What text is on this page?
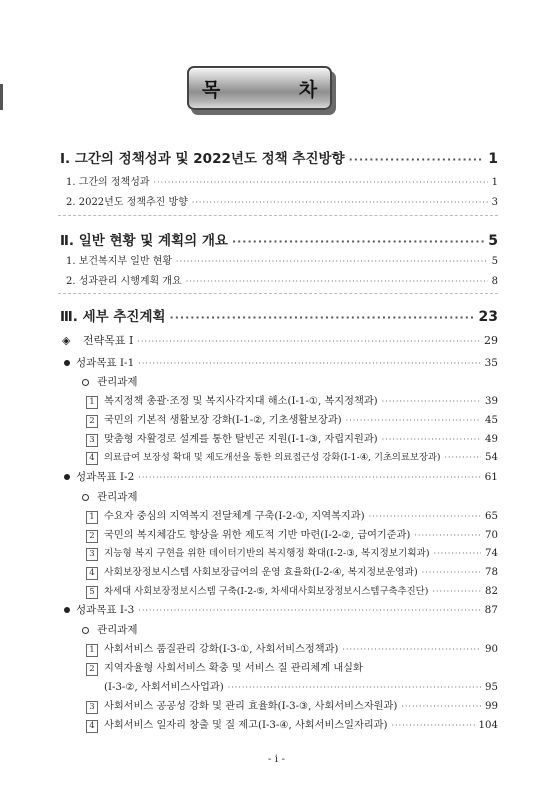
목 차
Ⅰ. 그간의 정책성과 및 2022년도 정책 추진방향 ·····	1
1. 그간의 정책성과 ·····	1
2. 2022년도 정책추진 방향 ·····	3
Ⅱ. 일반 현황 및 계획의 개요 ·····	5
1. 보건복지부 일반 현황 ·····	5
2. 성과관리 시행계획 개요 ·····	8
Ⅲ. 세부 추진계획 ·····	23
◈ 전략목표 Ⅰ ·····	29
성과목표 Ⅰ-1 ·····	35
관리과제
1 복지정책 총괄·조정 및 복지사각지대 해소(Ⅰ-1-①, 복지정책과) ·····	39
2 국민의 기본적 생활보장 강화(Ⅰ-1-②, 기초생활보장과) ·····	45
3 맞춤형 자활경로 설계를 통한 탈빈곤 지원(Ⅰ-1-③, 자립지원과) ·····	49
4 의료급여 보장성 확대 및 제도개선을 통한 의료접근성 강화(Ⅰ-1-④, 기초의료보장과) ·····	54
성과목표 Ⅰ-2 ·····	61
관리과제
1 수요자 중심의 지역복지 전달체계 구축(Ⅰ-2-①, 지역복지과) ·····	65
2 국민의 복지체감도 향상을 위한 제도적 기반 마련(Ⅰ-2-②, 급여기준과) ·····	70
3 지능형 복지 구현을 위한 데이터기반의 복지행정 확대(Ⅰ-2-③, 복지정보기획과) ·····	74
4 사회보장정보시스템 사회보장급여의 운영 효율화(Ⅰ-2-④, 복지정보운영과) ·····	78
5 차세대 사회보장정보시스템 구축(Ⅰ-2-⑤, 차세대사회보장정보시스템구축추진단) ·····	82
성과목표 Ⅰ-3 ·····	87
관리과제
1 사회서비스 품질관리 강화(Ⅰ-3-①, 사회서비스정책과) ·····	90
2 지역자율형 사회서비스 확충 및 서비스 질 관리체계 내실화
(Ⅰ-3-②, 사회서비스사업과) ·····	95
3 사회서비스 공공성 강화 및 관리 효율화(Ⅰ-3-③, 사회서비스자원과) ·····	99
4 사회서비스 일자리 창출 및 질 제고(Ⅰ-3-④, 사회서비스일자리과) ·····	104
- ⅰ -
